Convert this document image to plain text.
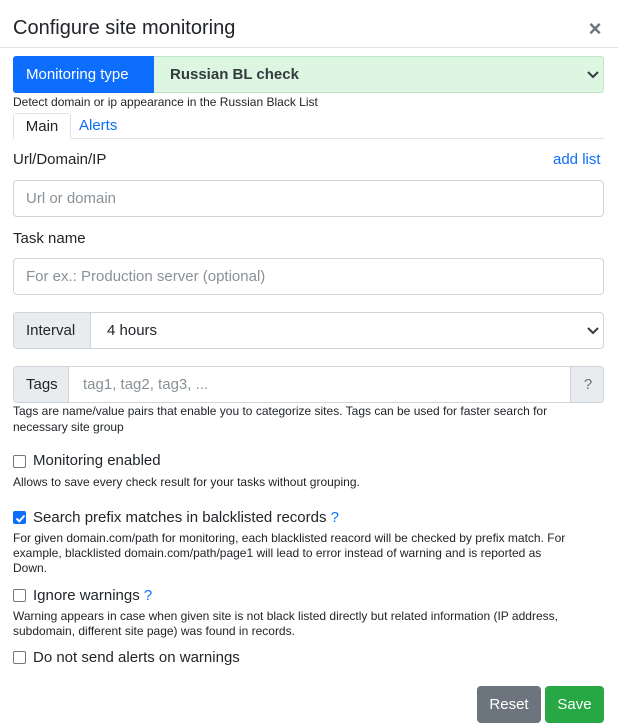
Configure site monitoring	×
Monitoring type	Russian BL check
Detect domain or ip appearance in the Russian Black List
Main	Alerts
Url/Domain/IP	add list
Url or domain
Task name
For ex.: Production server (optional)
Interval	4 hours
Tags	tag1, tag2, tag3, ...	?
Tags are name/value pairs that enable you to categorize sites. Tags can be used for faster search for
necessary site group
Monitoring enabled
Allows to save every check result for your tasks without grouping.
Search prefix matches in balcklisted records ?
For given domain.com/path for monitoring, each blacklisted reacord will be checked by prefix match. For
example, blacklisted domain.com/path/page1 will lead to error instead of warning and is reported as
Down.
Ignore warnings ?
Warning appears in case when given site is not black listed directly but related information (IP address,
subdomain, different site page) was found in records.
Do not send alerts on warnings
Reset	Save
